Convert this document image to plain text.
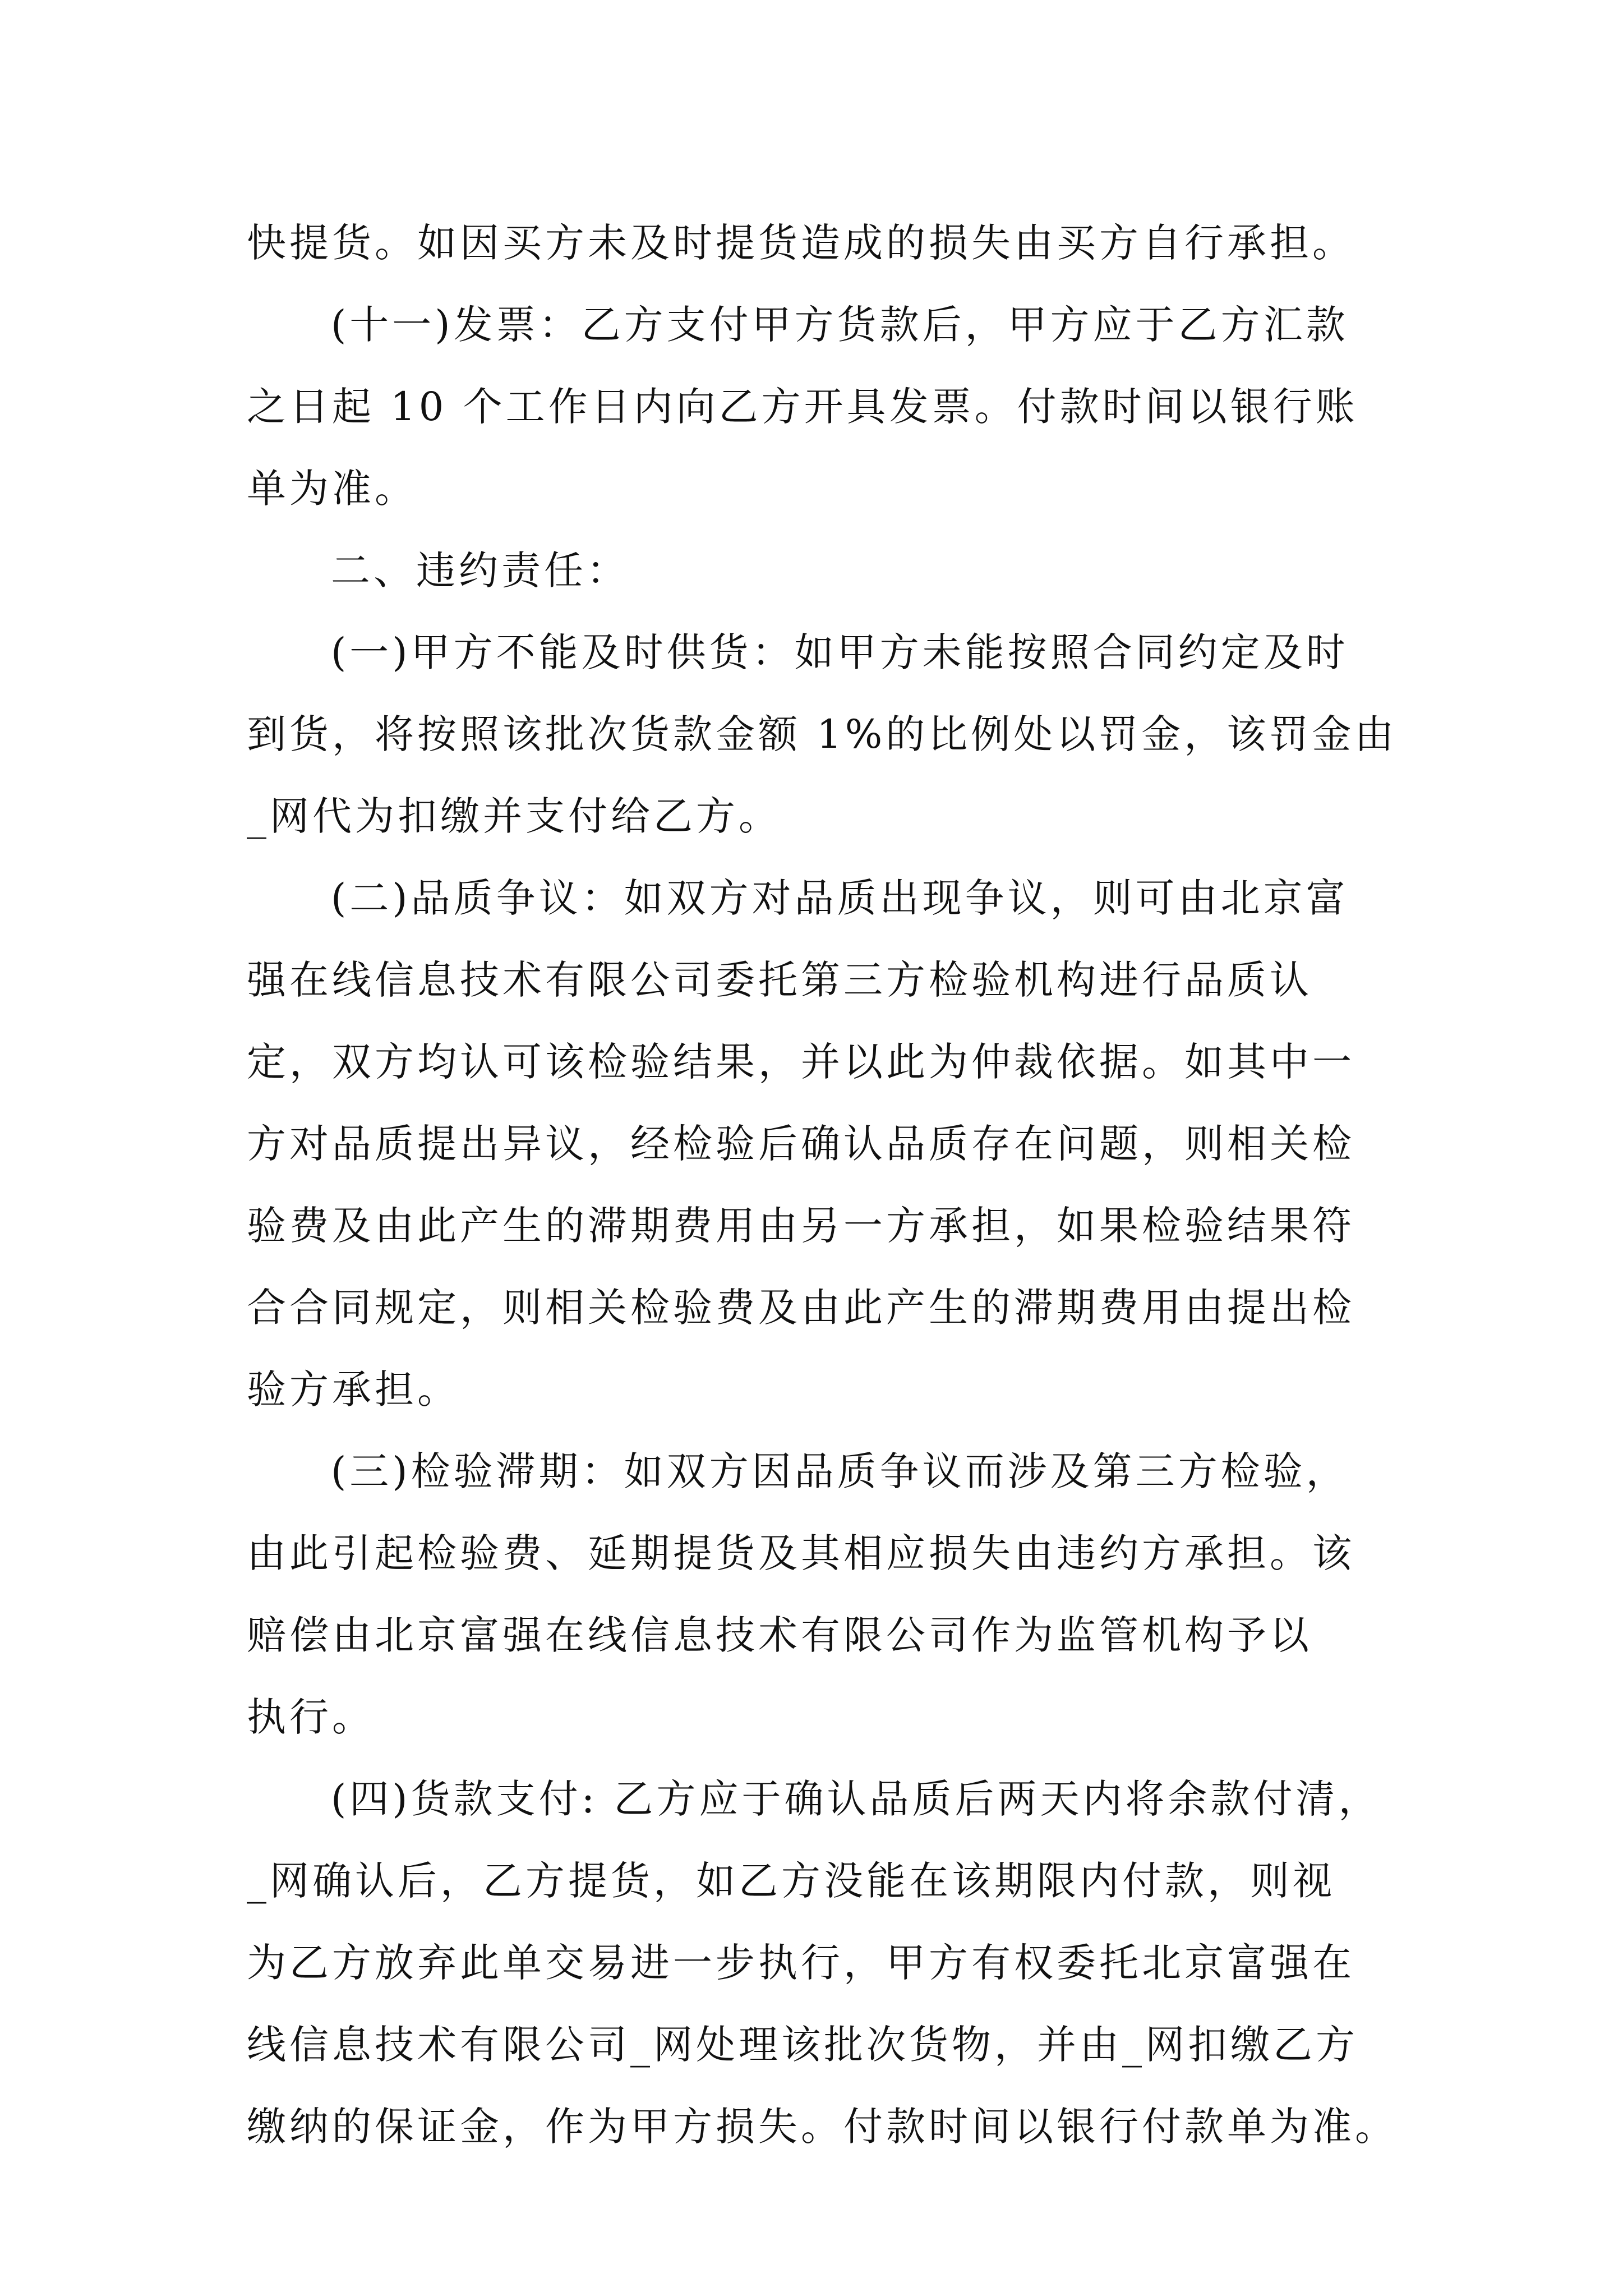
快提货。如因买方未及时提货造成的损失由买方自行承担。
(十一)发票：乙方支付甲方货款后，甲方应于乙方汇款
之日起 10 个工作日内向乙方开具发票。付款时间以银行账
单为准。
二、违约责任：
(一)甲方不能及时供货：如甲方未能按照合同约定及时
到货，将按照该批次货款金额 1%的比例处以罚金，该罚金由
_网代为扣缴并支付给乙方。
(二)品质争议：如双方对品质出现争议，则可由北京富
强在线信息技术有限公司委托第三方检验机构进行品质认
定，双方均认可该检验结果，并以此为仲裁依据。如其中一
方对品质提出异议，经检验后确认品质存在问题，则相关检
验费及由此产生的滞期费用由另一方承担，如果检验结果符
合合同规定，则相关检验费及由此产生的滞期费用由提出检
验方承担。
(三)检验滞期：如双方因品质争议而涉及第三方检验，
由此引起检验费、延期提货及其相应损失由违约方承担。该
赔偿由北京富强在线信息技术有限公司作为监管机构予以
执行。
(四)货款支付: 乙方应于确认品质后两天内将余款付清，
_网确认后，乙方提货，如乙方没能在该期限内付款，则视
为乙方放弃此单交易进一步执行，甲方有权委托北京富强在
线信息技术有限公司_网处理该批次货物，并由_网扣缴乙方
缴纳的保证金，作为甲方损失。付款时间以银行付款单为准。
